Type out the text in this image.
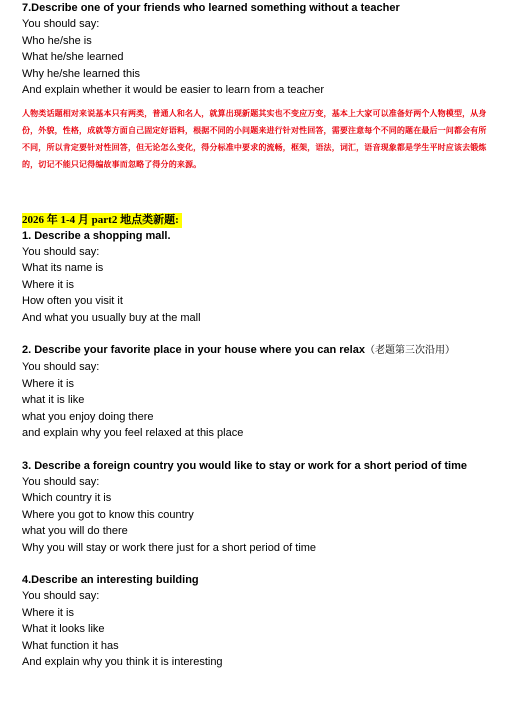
7.Describe one of your friends who learned something without a teacher
You should say:
Who he/she is
What he/she learned
Why he/she learned this
And explain whether it would be easier to learn from a teacher
人物类话题相对来说基本只有两类，普通人和名人，就算出现新题其实也不变应万变，基本上大家可以准备好两个人物模型，从身份，外貌，性格，成就等方面自己固定好语料，根据不同的小问题来进行针对性回答，需要注意每个不同的题在最后一问都会有所不同，所以肯定要针对性回答，但无论怎么变化，得分标准中要求的流畅，框架，语法，词汇，语音现象都是学生平时应该去锻炼的，切记不能只记得编故事而忽略了得分的来源。
2026 年 1-4 月 part2 地点类新题:
1. Describe a shopping mall.
You should say:
What its name is
Where it is
How often you visit it
And what you usually buy at the mall
2. Describe your favorite place in your house where you can relax（老题第三次沿用）
You should say:
Where it is
what it is like
what you enjoy doing there
and explain why you feel relaxed at this place
3. Describe a foreign country you would like to stay or work for a short period of time
You should say:
Which country it is
Where you got to know this country
what you will do there
Why you will stay or work there just for a short period of time
4.Describe an interesting building
You should say:
Where it is
What it looks like
What function it has
And explain why you think it is interesting
